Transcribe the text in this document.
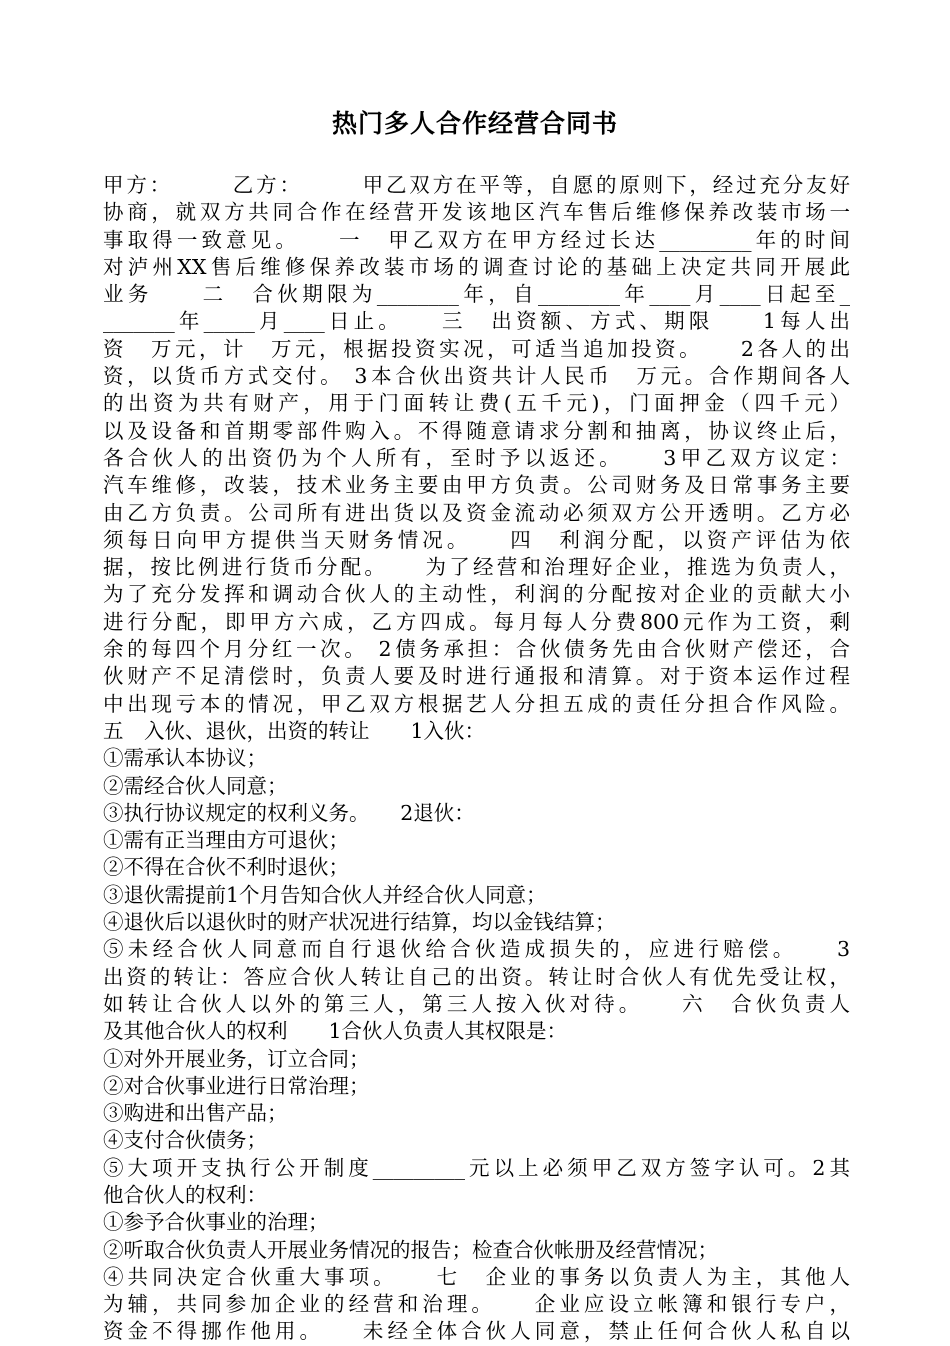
热门多人合作经营合同书
甲方：　　　乙方：　　　甲乙双方在平等，自愿的原则下，经过充分友好
协商，就双方共同合作在经营开发该地区汽车售后维修保养改装市场一
事取得一致意见。　　一　甲乙双方在甲方经过长达_________年的时间
对泸州XX售后维修保养改装市场的调查讨论的基础上决定共同开展此
业务　　二　合伙期限为________年，自________年____月____日起至_
_______年_____月____日止。　　三　出资额、方式、期限　　1每人出
资　万元，计　万元，根据投资实况，可适当追加投资。　　2各人的出
资，以货币方式交付。 3本合伙出资共计人民币　万元。合作期间各人
的出资为共有财产，用于门面转让费(五千元)，门面押金（四千元）
以及设备和首期零部件购入。不得随意请求分割和抽离，协议终止后，
各合伙人的出资仍为个人所有，至时予以返还。　　3甲乙双方议定：
汽车维修，改装，技术业务主要由甲方负责。公司财务及日常事务主要
由乙方负责。公司所有进出货以及资金流动必须双方公开透明。乙方必
须每日向甲方提供当天财务情况。　　四　利润分配，以资产评估为依
据，按比例进行货币分配。　　为了经营和治理好企业，推选为负责人，
为了充分发挥和调动合伙人的主动性，利润的分配按对企业的贡献大小
进行分配，即甲方六成，乙方四成。每月每人分费800元作为工资，剩
余的每四个月分红一次。 2债务承担：合伙债务先由合伙财产偿还，合
伙财产不足清偿时，负责人要及时进行通报和清算。对于资本运作过程
中出现亏本的情况，甲乙双方根据艺人分担五成的责任分担合作风险。
五　入伙、退伙，出资的转让　　1入伙：
①需承认本协议；
②需经合伙人同意；
③执行协议规定的权利义务。　　2退伙：
①需有正当理由方可退伙；
②不得在合伙不利时退伙；
③退伙需提前1个月告知合伙人并经合伙人同意；
④退伙后以退伙时的财产状况进行结算，均以金钱结算；
⑤未经合伙人同意而自行退伙给合伙造成损失的，应进行赔偿。　　3
出资的转让：答应合伙人转让自己的出资。转让时合伙人有优先受让权，
如转让合伙人以外的第三人，第三人按入伙对待。　　六　合伙负责人
及其他合伙人的权利　　1合伙人负责人其权限是：
①对外开展业务，订立合同；
②对合伙事业进行日常治理；
③购进和出售产品；
④支付合伙债务；
⑤大项开支执行公开制度_________元以上必须甲乙双方签字认可。2其
他合伙人的权利：
①参予合伙事业的治理；
②听取合伙负责人开展业务情况的报告；检查合伙帐册及经营情况；
④共同决定合伙重大事项。　　七　企业的事务以负责人为主，其他人
为辅，共同参加企业的经营和治理。　　企业应设立帐簿和银行专户，
资金不得挪作他用。　　未经全体合伙人同意，禁止任何合伙人私自以
